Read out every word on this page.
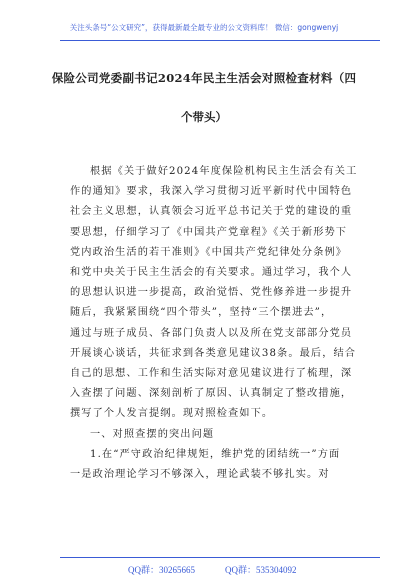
关注头条号“公文研究”，获得最新最全最专业的公文资料库！ 微信：gongwenyj
保险公司党委副书记2024年民主生活会对照检查材料（四
个带头）
根据《关于做好2024年度保险机构民主生活会有关工
作的通知》要求，我深入学习贯彻习近平新时代中国特色
社会主义思想，认真领会习近平总书记关于党的建设的重
要思想，仔细学习了《中国共产党章程》《关于新形势下
党内政治生活的若干准则》《中国共产党纪律处分条例》
和党中央关于民主生活会的有关要求。通过学习，我个人
的思想认识进一步提高，政治觉悟、党性修养进一步提升
随后，我紧紧围绕“四个带头”，坚持“三个摆进去”，
通过与班子成员、各部门负责人以及所在党支部部分党员
开展谈心谈话，共征求到各类意见建议38条。最后，结合
自己的思想、工作和生活实际对意见建议进行了梳理，深
入查摆了问题、深刻剖析了原因、认真制定了整改措施，
撰写了个人发言提纲。现对照检查如下。
一、对照查摆的突出问题
1.在“严守政治纪律规矩，维护党的团结统一”方面
一是政治理论学习不够深入，理论武装不够扎实。对
QQ群：30265665	QQ群：535304092
